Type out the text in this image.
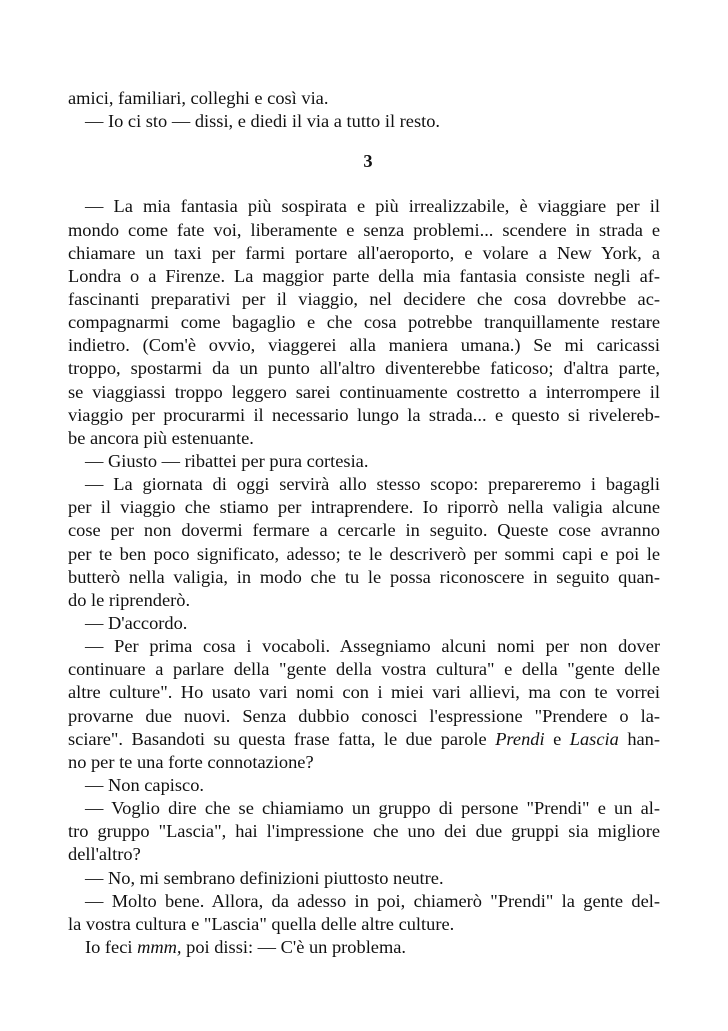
amici, familiari, colleghi e così via.
— Io ci sto — dissi, e diedi il via a tutto il resto.
3
— La mia fantasia più sospirata e più irrealizzabile, è viaggiare per il
mondo come fate voi, liberamente e senza problemi... scendere in strada e
chiamare un taxi per farmi portare all'aeroporto, e volare a New York, a
Londra o a Firenze. La maggior parte della mia fantasia consiste negli af-
fascinanti preparativi per il viaggio, nel decidere che cosa dovrebbe ac-
compagnarmi come bagaglio e che cosa potrebbe tranquillamente restare
indietro. (Com'è ovvio, viaggerei alla maniera umana.) Se mi caricassi
troppo, spostarmi da un punto all'altro diventerebbe faticoso; d'altra parte,
se viaggiassi troppo leggero sarei continuamente costretto a interrompere il
viaggio per procurarmi il necessario lungo la strada... e questo si rivelereb-
be ancora più estenuante.
— Giusto — ribattei per pura cortesia.
— La giornata di oggi servirà allo stesso scopo: prepareremo i bagagli
per il viaggio che stiamo per intraprendere. Io riporrò nella valigia alcune
cose per non dovermi fermare a cercarle in seguito. Queste cose avranno
per te ben poco significato, adesso; te le descriverò per sommi capi e poi le
butterò nella valigia, in modo che tu le possa riconoscere in seguito quan-
do le riprenderò.
— D'accordo.
— Per prima cosa i vocaboli. Assegniamo alcuni nomi per non dover
continuare a parlare della "gente della vostra cultura" e della "gente delle
altre culture". Ho usato vari nomi con i miei vari allievi, ma con te vorrei
provarne due nuovi. Senza dubbio conosci l'espressione "Prendere o la-
sciare". Basandoti su questa frase fatta, le due parole Prendi e Lascia han-
no per te una forte connotazione?
— Non capisco.
— Voglio dire che se chiamiamo un gruppo di persone "Prendi" e un al-
tro gruppo "Lascia", hai l'impressione che uno dei due gruppi sia migliore
dell'altro?
— No, mi sembrano definizioni piuttosto neutre.
— Molto bene. Allora, da adesso in poi, chiamerò "Prendi" la gente del-
la vostra cultura e "Lascia" quella delle altre culture.
Io feci mmm, poi dissi: — C'è un problema.
